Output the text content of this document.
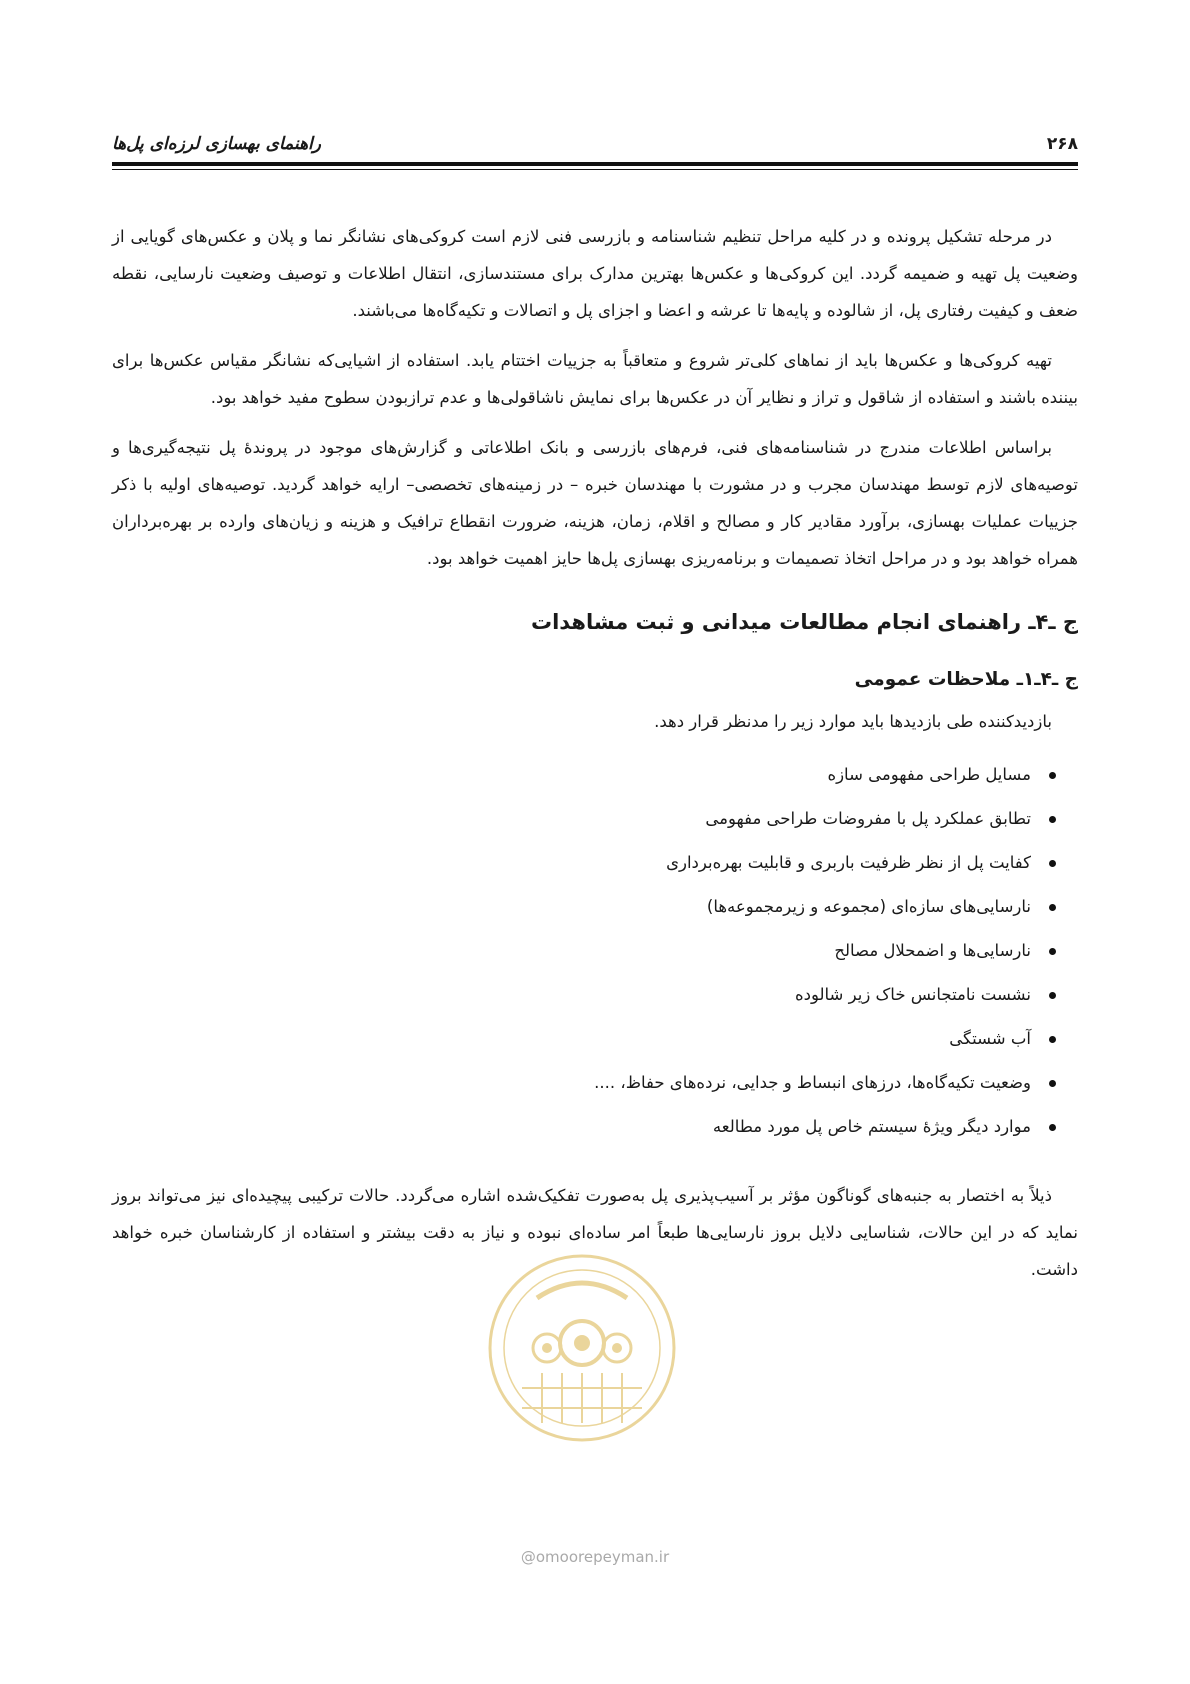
۲۶۸
راهنمای بهسازی لرزه‌ای پل‌ها

در مرحله تشکیل پرونده و در کلیه مراحل تنظیم شناسنامه و بازرسی فنی لازم است کروکی‌های نشانگر نما و پلان و عکس‌های گویایی از وضعیت پل تهیه و ضمیمه گردد. این کروکی‌ها و عکس‌ها بهترین مدارک برای مستندسازی، انتقال اطلاعات و توصیف وضعیت نارسایی، نقطه ضعف و کیفیت رفتاری پل، از شالوده و پایه‌ها تا عرشه و اعضا و اجزای پل و اتصالات و تکیه‌گاه‌ها می‌باشند.

تهیه کروکی‌ها و عکس‌ها باید از نماهای کلی‌تر شروع و متعاقباً به جزییات اختتام یابد. استفاده از اشیایی‌که نشانگر مقیاس عکس‌ها برای بیننده باشند و استفاده از شاقول و تراز و نظایر آن در عکس‌ها برای نمایش ناشاقولی‌ها و عدم ترازبودن سطوح مفید خواهد بود.

براساس اطلاعات مندرج در شناسنامه‌های فنی، فرم‌های بازرسی و بانک اطلاعاتی و گزارش‌های موجود در پروندهٔ پل نتیجه‌گیری‌ها و توصیه‌های لازم توسط مهندسان مجرب و در مشورت با مهندسان خبره – در زمینه‌های تخصصی– ارایه خواهد گردید. توصیه‌های اولیه با ذکر جزییات عملیات بهسازی، برآورد مقادیر کار و مصالح و اقلام، زمان، هزینه، ضرورت انقطاع ترافیک و هزینه و زیان‌های وارده بر بهره‌برداران همراه خواهد بود و در مراحل اتخاذ تصمیمات و برنامه‌ریزی بهسازی پل‌ها حایز اهمیت خواهد بود.

ج ـ۴ـ راهنمای انجام مطالعات میدانی و ثبت مشاهدات
ج ـ۴ـ۱ـ ملاحظات عمومی

بازدیدکننده طی بازدیدها باید موارد زیر را مدنظر قرار دهد.

مسایل طراحی مفهومی سازه
تطابق عملکرد پل با مفروضات طراحی مفهومی
کفایت پل از نظر ظرفیت باربری و قابلیت بهره‌برداری
نارسایی‌های سازه‌ای (مجموعه و زیرمجموعه‌ها)
نارسایی‌ها و اضمحلال مصالح
نشست نامتجانس خاک زیر شالوده
آب شستگی
وضعیت تکیه‌گاه‌ها، درزهای انبساط و جدایی، نرده‌های حفاظ، ....
موارد دیگر ویژهٔ سیستم خاص پل مورد مطالعه

ذیلاً به اختصار به جنبه‌های گوناگون مؤثر بر آسیب‌پذیری پل به‌صورت تفکیک‌شده اشاره می‌گردد. حالات ترکیبی پیچیده‌ای نیز می‌تواند بروز نماید که در این حالات، شناسایی دلایل بروز نارسایی‌ها طبعاً امر ساده‌ای نبوده و نیاز به دقت بیشتر و استفاده از کارشناسان خبره خواهد داشت.

@omoorepeyman.ir
